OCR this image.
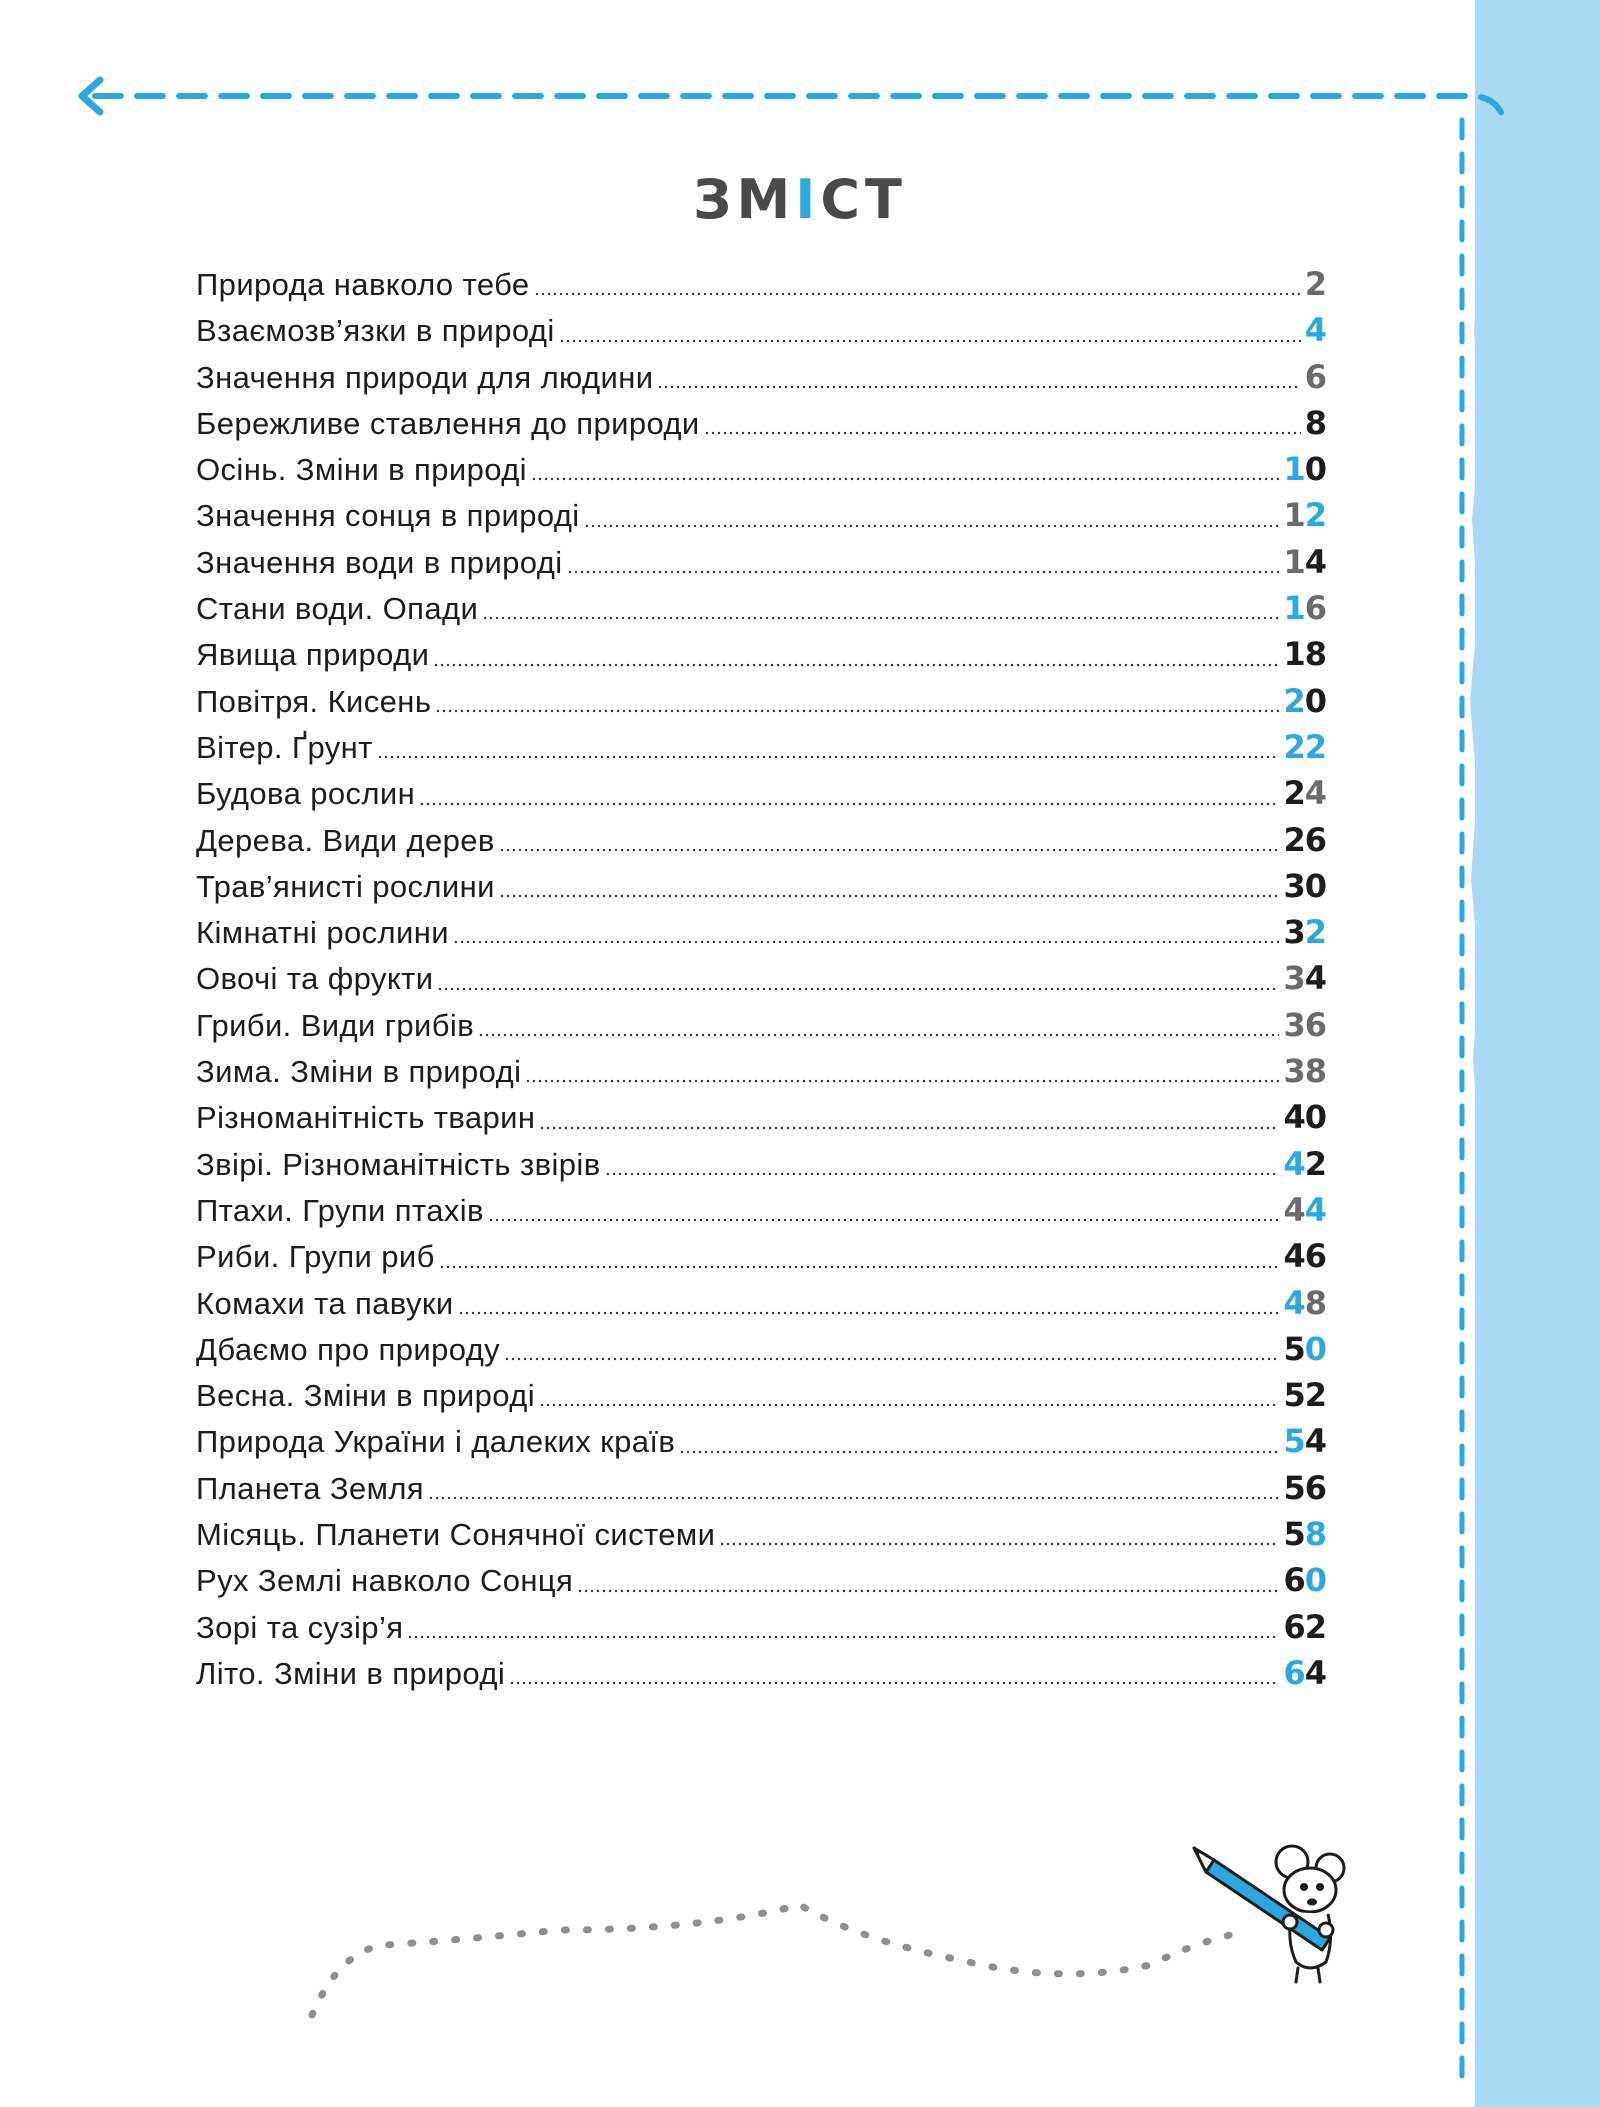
ЗМІСТ
Природа навколо тебе	2
Взаємозв’язки в природі	4
Значення природи для людини	6
Бережливе ставлення до природи	8
Осінь. Зміни в природі	10
Значення сонця в природі	12
Значення води в природі	14
Стани води. Опади	16
Явища природи	18
Повітря. Кисень	20
Вітер. Ґрунт	22
Будова рослин	24
Дерева. Види дерев	26
Трав’янисті рослини	30
Кімнатні рослини	32
Овочі та фрукти	34
Гриби. Види грибів	36
Зима. Зміни в природі	38
Різноманітність тварин	40
Звірі. Різноманітність звірів	42
Птахи. Групи птахів	44
Риби. Групи риб	46
Комахи та павуки	48
Дбаємо про природу	50
Весна. Зміни в природі	52
Природа України і далеких країв	54
Планета Земля	56
Місяць. Планети Сонячної системи	58
Рух Землі навколо Сонця	60
Зорі та сузір’я	62
Літо. Зміни в природі	64
